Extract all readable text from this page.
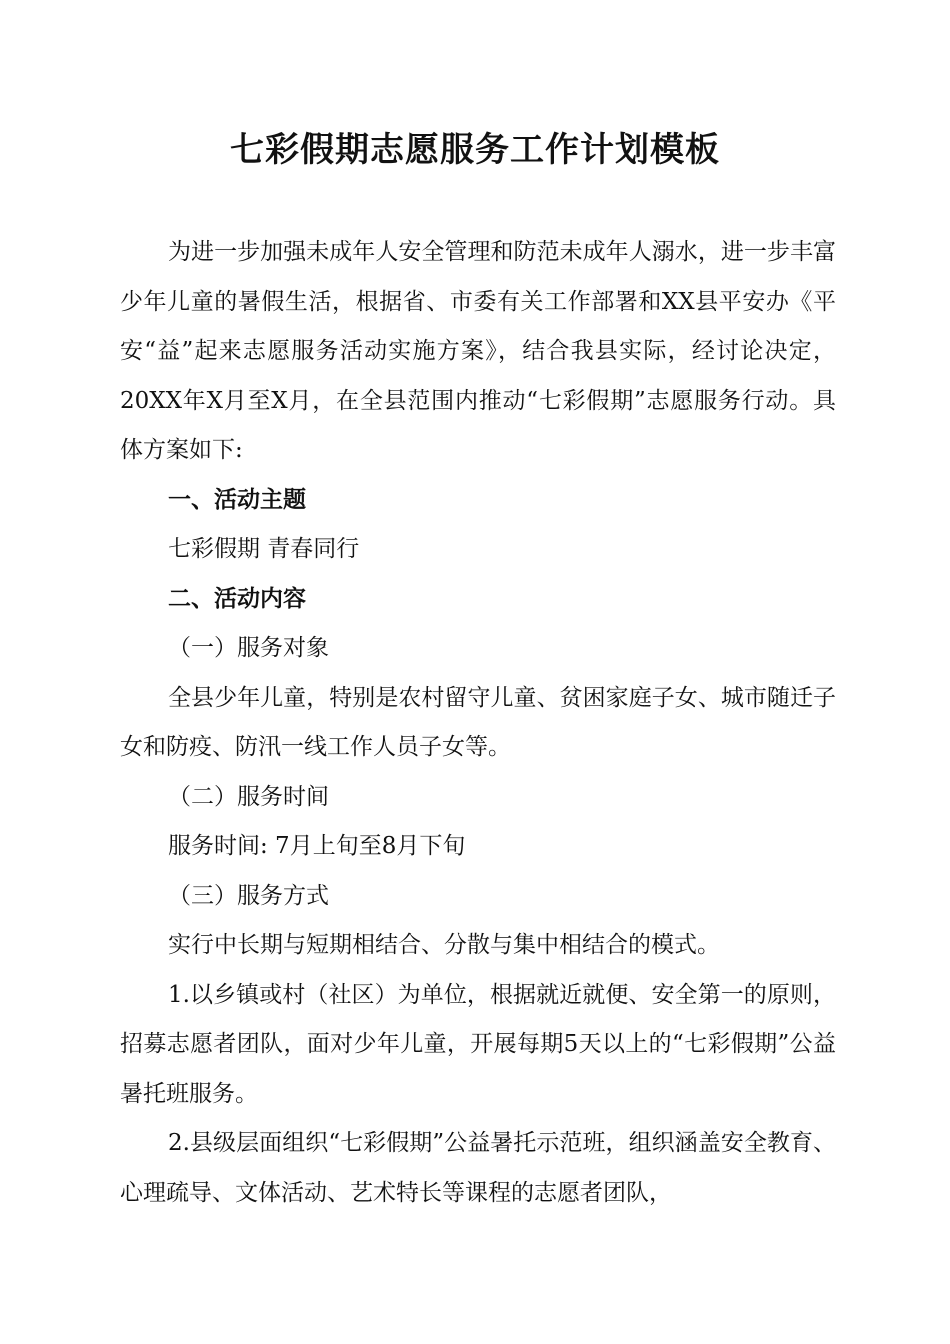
七彩假期志愿服务工作计划模板

为进一步加强未成年人安全管理和防范未成年人溺水，进一步丰富少年儿童的暑假生活，根据省、市委有关工作部署和XX县平安办《平安“益”起来志愿服务活动实施方案》，结合我县实际，经讨论决定，20XX年X月至X月，在全县范围内推动“七彩假期”志愿服务行动。具体方案如下:

一、活动主题

七彩假期 青春同行

二、活动内容

（一）服务对象

全县少年儿童，特别是农村留守儿童、贫困家庭子女、城市随迁子女和防疫、防汛一线工作人员子女等。

（二）服务时间

服务时间: 7月上旬至8月下旬

（三）服务方式

实行中长期与短期相结合、分散与集中相结合的模式。

1.以乡镇或村（社区）为单位，根据就近就便、安全第一的原则，招募志愿者团队，面对少年儿童，开展每期5天以上的“七彩假期”公益暑托班服务。

2.县级层面组织“七彩假期”公益暑托示范班，组织涵盖安全教育、心理疏导、文体活动、艺术特长等课程的志愿者团队，
